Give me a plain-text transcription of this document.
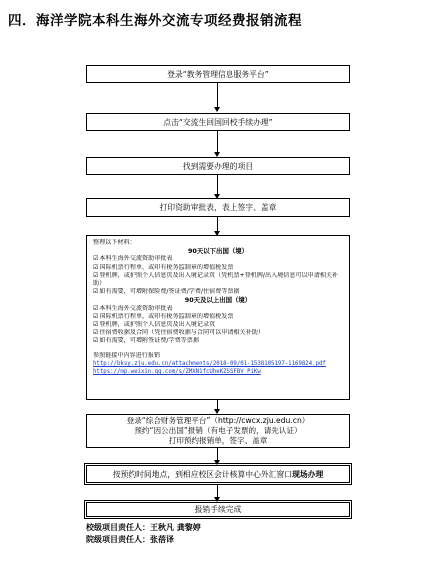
四．海洋学院本科生海外交流专项经费报销流程
登录“教务管理信息服务平台”
点击“交流生回国回校手续办理”
找到需要办理的项目
打印资助审批表，表上签字、盖章
整理以下材料：
90天以下出国（境）
☑ 本科生海外交流资助审批表
☑ 国际机票行程单，或印有税务监制章的增值税发票
☑ 登机牌，或护照个人信息页及出入境记录页（凭机票+登机牌/出入境信息可以申请相关补助）
☑ 如有需要，可增附保险费/签证费/学费/住宿费等票据
90天及以上出国（境）
☑ 本科生海外交流资助审批表
☑ 国际机票行程单，或印有税务监制章的增值税发票
☑ 登机牌，或护照个人信息页及出入境记录页
☑ 住宿费收据及合同（凭住宿费收据与合同可以申请相关补助）
☑ 如有需要，可增附签证费/学费等票据
参照链接中内容进行报销
http://bksy.zju.edu.cn/attachments/2018-09/01-1538105197-1169824.pdf
https://mp.weixin.qq.com/s/ZMXN1fcUheKZSSFBV_PiKw
登录“综合财务管理平台”（http://cwcx.zju.edu.cn）
预约“因公出国”报销（有电子发票的，请先认证）
打印预约报销单，签字、盖章
按预约时间地点，到相应校区会计核算中心外汇窗口 现场办理
报销手续完成
校级项目责任人：王秋凡 龚黎婷
院级项目责任人：张蓓译
